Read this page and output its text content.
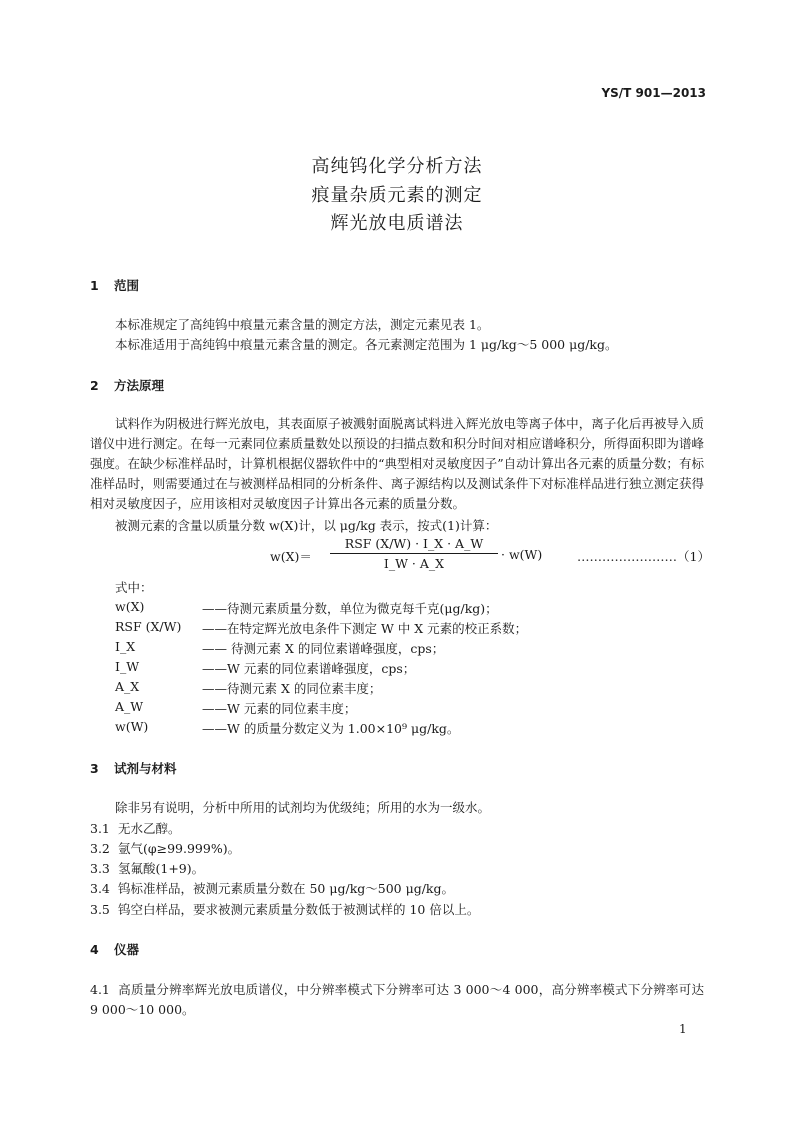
YS/T 901—2013
高纯钨化学分析方法
痕量杂质元素的测定
辉光放电质谱法
1 范围
本标准规定了高纯钨中痕量元素含量的测定方法，测定元素见表 1。
本标准适用于高纯钨中痕量元素含量的测定。各元素测定范围为 1 μg/kg～5 000 μg/kg。
2 方法原理
试料作为阴极进行辉光放电，其表面原子被溅射面脱离试料进入辉光放电等离子体中，离子化后再被导入质谱仪中进行测定。在每一元素同位素质量数处以预设的扫描点数和积分时间对相应谱峰积分，所得面积即为谱峰强度。在缺少标准样品时，计算机根据仪器软件中的“典型相对灵敏度因子”自动计算出各元素的质量分数；有标准样品时，则需要通过在与被测样品相同的分析条件、离子源结构以及测试条件下对标准样品进行独立测定获得相对灵敏度因子，应用该相对灵敏度因子计算出各元素的质量分数。
被测元素的含量以质量分数 w(X)计，以 μg/kg 表示，按式(1)计算：
w(X)＝
RSF (X/W) · I_X · A_W
I_W · A_X
· w(W)	……………………（1）
式中：
w(X)	——待测元素质量分数，单位为微克每千克(μg/kg)；
RSF (X/W) ——在特定辉光放电条件下测定 W 中 X 元素的校正系数；
I_X	—— 待测元素 X 的同位素谱峰强度，cps；
I_W	——W 元素的同位素谱峰强度，cps；
A_X	——待测元素 X 的同位素丰度；
A_W	——W 元素的同位素丰度；
w(W)	——W 的质量分数定义为 1.00×10⁹ μg/kg。
3 试剂与材料
除非另有说明，分析中所用的试剂均为优级纯；所用的水为一级水。
3.1 无水乙醇。
3.2 氩气(φ≥99.999%)。
3.3 氢氟酸(1+9)。
3.4 钨标准样品，被测元素质量分数在 50 μg/kg～500 μg/kg。
3.5 钨空白样品，要求被测元素质量分数低于被测试样的 10 倍以上。
4 仪器
4.1 高质量分辨率辉光放电质谱仪，中分辨率模式下分辨率可达 3 000～4 000，高分辨率模式下分辨率可达 9 000～10 000。
1
